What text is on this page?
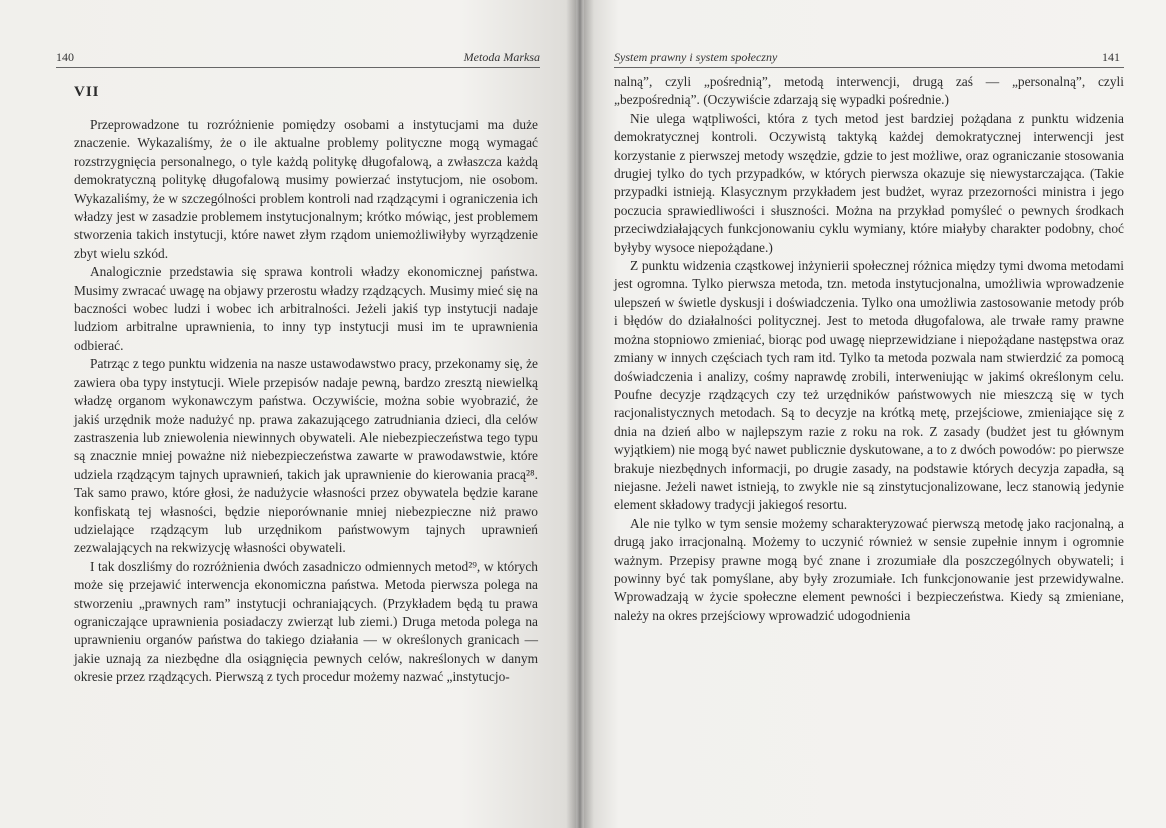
140	Metoda Marksa
VII

Przeprowadzone tu rozróżnienie pomiędzy osobami a instytucjami ma duże znaczenie. Wykazaliśmy, że o ile aktualne problemy polityczne mogą wymagać rozstrzygnięcia personalnego, o tyle każdą politykę długofalową, a zwłaszcza każdą demokratyczną politykę długofalową musimy powierzać instytucjom, nie osobom. Wykazaliśmy, że w szczególności problem kontroli nad rządzącymi i ograniczenia ich władzy jest w zasadzie problemem instytucjonalnym; krótko mówiąc, jest problemem stworzenia takich instytucji, które nawet złym rządom uniemożliwiłyby wyrządzenie zbyt wielu szkód.

Analogicznie przedstawia się sprawa kontroli władzy ekonomicznej państwa. Musimy zwracać uwagę na objawy przerostu władzy rządzących. Musimy mieć się na baczności wobec ludzi i wobec ich arbitralności. Jeżeli jakiś typ instytucji nadaje ludziom arbitralne uprawnienia, to inny typ instytucji musi im te uprawnienia odbierać.

Patrząc z tego punktu widzenia na nasze ustawodawstwo pracy, przekonamy się, że zawiera oba typy instytucji. Wiele przepisów nadaje pewną, bardzo zresztą niewielką władzę organom wykonawczym państwa. Oczywiście, można sobie wyobrazić, że jakiś urzędnik może nadużyć np. prawa zakazującego zatrudniania dzieci, dla celów zastraszenia lub zniewolenia niewinnych obywateli. Ale niebezpieczeństwa tego typu są znacznie mniej poważne niż niebezpieczeństwa zawarte w prawodawstwie, które udziela rządzącym tajnych uprawnień, takich jak uprawnienie do kierowania pracą²⁸. Tak samo prawo, które głosi, że nadużycie własności przez obywatela będzie karane konfiskatą tej własności, będzie nieporównanie mniej niebezpieczne niż prawo udzielające rządzącym lub urzędnikom państwowym tajnych uprawnień zezwalających na rekwizycję własności obywateli.

I tak doszliśmy do rozróżnienia dwóch zasadniczo odmiennych metod²⁹, w których może się przejawić interwencja ekonomiczna państwa. Metoda pierwsza polega na stworzeniu „prawnych ram” instytucji ochraniających. (Przykładem będą tu prawa ograniczające uprawnienia posiadaczy zwierząt lub ziemi.) Druga metoda polega na uprawnieniu organów państwa do takiego działania — w określonych granicach — jakie uznają za niezbędne dla osiągnięcia pewnych celów, nakreślonych w danym okresie przez rządzących. Pierwszą z tych procedur możemy nazwać „instytucjo-

System prawny i system społeczny	141

nalną”, czyli „pośrednią”, metodą interwencji, drugą zaś — „personalną”, czyli „bezpośrednią”. (Oczywiście zdarzają się wypadki pośrednie.)

Nie ulega wątpliwości, która z tych metod jest bardziej pożądana z punktu widzenia demokratycznej kontroli. Oczywistą taktyką każdej demokratycznej interwencji jest korzystanie z pierwszej metody wszędzie, gdzie to jest możliwe, oraz ograniczanie stosowania drugiej tylko do tych przypadków, w których pierwsza okazuje się niewystarczająca. (Takie przypadki istnieją. Klasycznym przykładem jest budżet, wyraz przezorności ministra i jego poczucia sprawiedliwości i słuszności. Można na przykład pomyśleć o pewnych środkach przeciwdziałających funkcjonowaniu cyklu wymiany, które miałyby charakter podobny, choć byłyby wysoce niepożądane.)

Z punktu widzenia cząstkowej inżynierii społecznej różnica między tymi dwoma metodami jest ogromna. Tylko pierwsza metoda, tzn. metoda instytucjonalna, umożliwia wprowadzenie ulepszeń w świetle dyskusji i doświadczenia. Tylko ona umożliwia zastosowanie metody prób i błędów do działalności politycznej. Jest to metoda długofalowa, ale trwałe ramy prawne można stopniowo zmieniać, biorąc pod uwagę nieprzewidziane i niepożądane następstwa oraz zmiany w innych częściach tych ram itd. Tylko ta metoda pozwala nam stwierdzić za pomocą doświadczenia i analizy, cośmy naprawdę zrobili, interweniując w jakimś określonym celu. Poufne decyzje rządzących czy też urzędników państwowych nie mieszczą się w tych racjonalistycznych metodach. Są to decyzje na krótką metę, przejściowe, zmieniające się z dnia na dzień albo w najlepszym razie z roku na rok. Z zasady (budżet jest tu głównym wyjątkiem) nie mogą być nawet publicznie dyskutowane, a to z dwóch powodów: po pierwsze brakuje niezbędnych informacji, po drugie zasady, na podstawie których decyzja zapadła, są niejasne. Jeżeli nawet istnieją, to zwykle nie są zinstytucjonalizowane, lecz stanowią jedynie element składowy tradycji jakiegoś resortu.

Ale nie tylko w tym sensie możemy scharakteryzować pierwszą metodę jako racjonalną, a drugą jako irracjonalną. Możemy to uczynić również w sensie zupełnie innym i ogromnie ważnym. Przepisy prawne mogą być znane i zrozumiałe dla poszczególnych obywateli; i powinny być tak pomyślane, aby były zrozumiałe. Ich funkcjonowanie jest przewidywalne. Wprowadzają w życie społeczne element pewności i bezpieczeństwa. Kiedy są zmieniane, należy na okres przejściowy wprowadzić udogodnienia
